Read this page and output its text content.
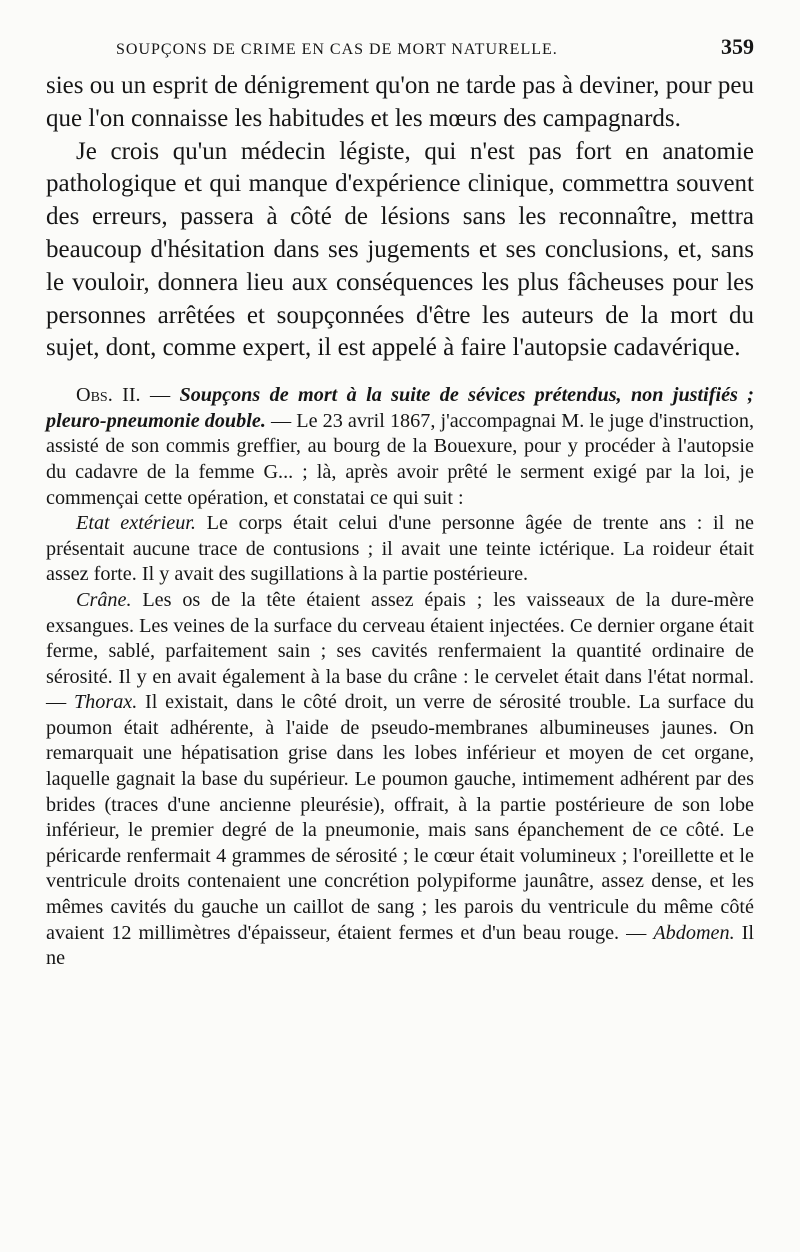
SOUPÇONS DE CRIME EN CAS DE MORT NATURELLE.	359

sies ou un esprit de dénigrement qu'on ne tarde pas à deviner, pour peu que l'on connaisse les habitudes et les mœurs des campagnards.

Je crois qu'un médecin légiste, qui n'est pas fort en anatomie pathologique et qui manque d'expérience clinique, commettra souvent des erreurs, passera à côté de lésions sans les reconnaître, mettra beaucoup d'hésitation dans ses jugements et ses conclusions, et, sans le vouloir, donnera lieu aux conséquences les plus fâcheuses pour les personnes arrêtées et soupçonnées d'être les auteurs de la mort du sujet, dont, comme expert, il est appelé à faire l'autopsie cadavérique.

Obs. II. — Soupçons de mort à la suite de sévices prétendus, non justifiés ; pleuro-pneumonie double. — Le 23 avril 1867, j'accompagnai M. le juge d'instruction, assisté de son commis greffier, au bourg de la Bouexure, pour y procéder à l'autopsie du cadavre de la femme G... ; là, après avoir prêté le serment exigé par la loi, je commençai cette opération, et constatai ce qui suit :

Etat extérieur. Le corps était celui d'une personne âgée de trente ans : il ne présentait aucune trace de contusions ; il avait une teinte ictérique. La roideur était assez forte. Il y avait des sugillations à la partie postérieure.

Crâne. Les os de la tête étaient assez épais ; les vaisseaux de la dure-mère exsangues. Les veines de la surface du cerveau étaient injectées. Ce dernier organe était ferme, sablé, parfaitement sain ; ses cavités renfermaient la quantité ordinaire de sérosité. Il y en avait également à la base du crâne : le cervelet était dans l'état normal. — Thorax. Il existait, dans le côté droit, un verre de sérosité trouble. La surface du poumon était adhérente, à l'aide de pseudo-membranes albumineuses jaunes. On remarquait une hépatisation grise dans les lobes inférieur et moyen de cet organe, laquelle gagnait la base du supérieur. Le poumon gauche, intimement adhérent par des brides (traces d'une ancienne pleurésie), offrait, à la partie postérieure de son lobe inférieur, le premier degré de la pneumonie, mais sans épanchement de ce côté. Le péricarde renfermait 4 grammes de sérosité ; le cœur était volumineux ; l'oreillette et le ventricule droits contenaient une concrétion polypiforme jaunâtre, assez dense, et les mêmes cavités du gauche un caillot de sang ; les parois du ventricule du même côté avaient 12 millimètres d'épaisseur, étaient fermes et d'un beau rouge. — Abdomen. Il ne
